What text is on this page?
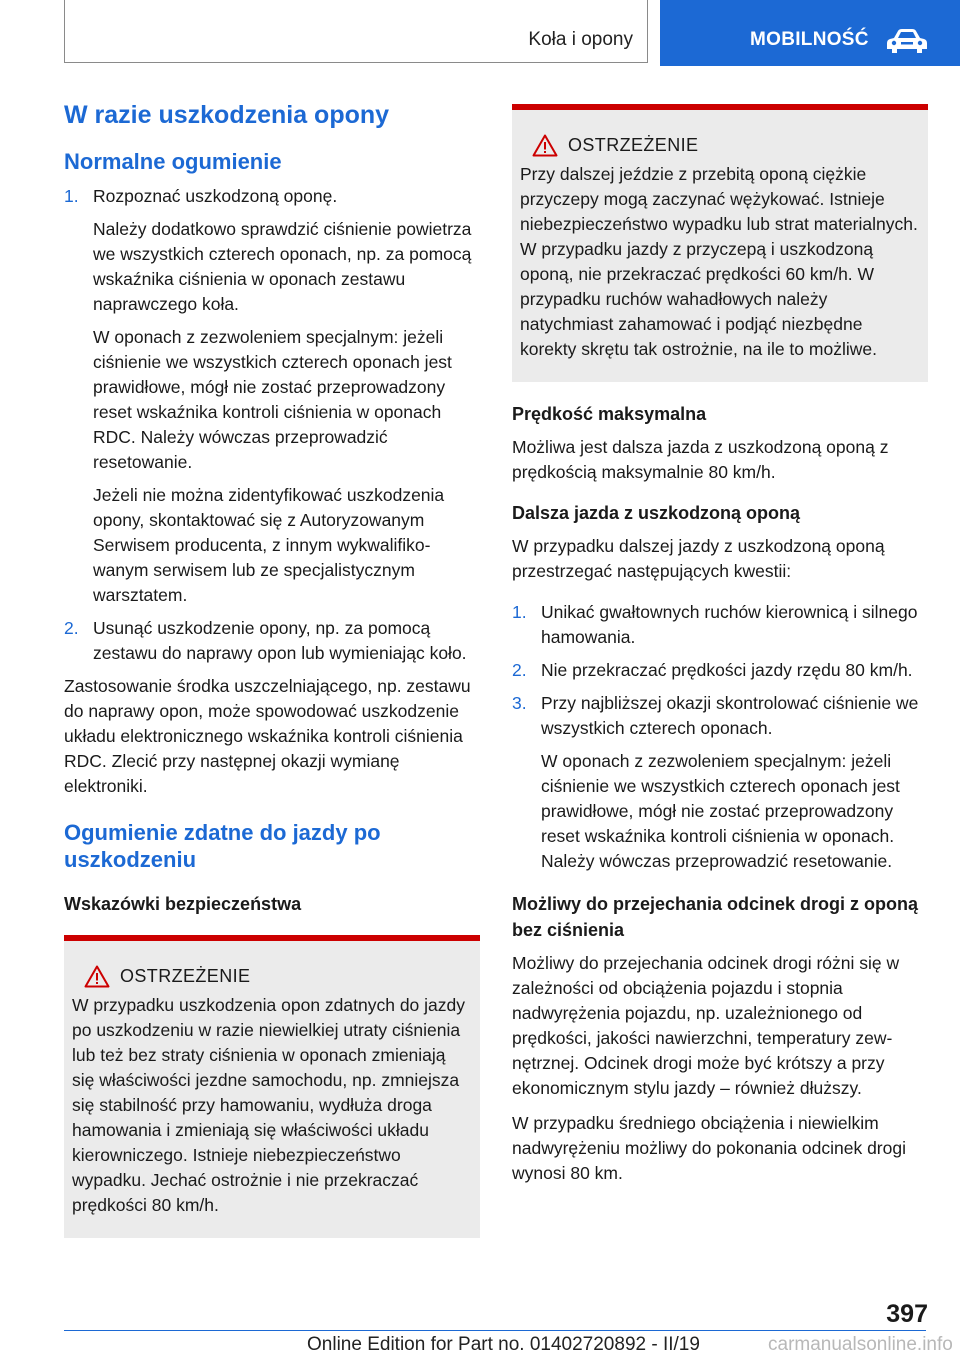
Koła i opony	MOBILNOŚĆ
W razie uszkodzenia opony
Normalne ogumienie
1. Rozpoznać uszkodzoną oponę.

Należy dodatkowo sprawdzić ciśnienie powietrza we wszystkich czterech oponach, np. za pomocą wskaźnika ciśnienia w oponach zestawu naprawczego koła.

W oponach z zezwoleniem specjalnym: jeżeli ciśnienie we wszystkich czterech oponach jest prawidłowe, mógł nie zostać przeprowadzony reset wskaźnika kontroli ciśnienia w oponach RDC. Należy wówczas przeprowadzić resetowanie.

Jeżeli nie można zidentyfikować uszkodzenia opony, skontaktować się z Autoryzowanym Serwisem producenta, z innym wykwalifikowanym serwisem lub ze specjalistycznym warsztatem.

2. Usunąć uszkodzenie opony, np. za pomocą zestawu do naprawy opon lub wymieniając koło.

Zastosowanie środka uszczelniającego, np. zestawu do naprawy opon, może spowodować uszkodzenie układu elektronicznego wskaźnika kontroli ciśnienia RDC. Zlecić przy następnej okazji wymianę elektroniki.

Ogumienie zdatne do jazdy po uszkodzeniu
Wskazówki bezpieczeństwa
OSTRZEŻENIE

W przypadku uszkodzenia opon zdatnych do jazdy po uszkodzeniu w razie niewielkiej utraty ciśnienia lub też bez straty ciśnienia w oponach zmieniają się właściwości jezdne samochodu, np. zmniejsza się stabilność przy hamowaniu, wydłuża droga hamowania i zmieniają się właściwości układu kierowniczego. Istnieje niebezpieczeństwo wypadku. Jechać ostrożnie i nie przekraczać prędkości 80 km/h.

OSTRZEŻENIE

Przy dalszej jeździe z przebitą oponą ciężkie przyczepy mogą zaczynać wężykować. Istnieje niebezpieczeństwo wypadku lub strat materialnych. W przypadku jazdy z przyczepą i uszkodzoną oponą, nie przekraczać prędkości 60 km/h. W przypadku ruchów wahadłowych należy natychmiast zahamować i podjąć niezbędne korekty skrętu tak ostrożnie, na ile to możliwe.

Prędkość maksymalna

Możliwa jest dalsza jazda z uszkodzoną oponą z prędkością maksymalnie 80 km/h.

Dalsza jazda z uszkodzoną oponą

W przypadku dalszej jazdy z uszkodzoną oponą przestrzegać następujących kwestii:

1. Unikać gwałtownych ruchów kierownicą i silnego hamowania.

2. Nie przekraczać prędkości jazdy rzędu 80 km/h.

3. Przy najbliższej okazji skontrolować ciśnienie we wszystkich czterech oponach.

W oponach z zezwoleniem specjalnym: jeżeli ciśnienie we wszystkich czterech oponach jest prawidłowe, mógł nie zostać przeprowadzony reset wskaźnika kontroli ciśnienia w oponach. Należy wówczas przeprowadzić resetowanie.

Możliwy do przejechania odcinek drogi z oponą bez ciśnienia

Możliwy do przejechania odcinek drogi różni się w zależności od obciążenia pojazdu i stopnia nadwyrężenia pojazdu, np. uzależnionego od prędkości, jakości nawierzchni, temperatury zewnętrznej. Odcinek drogi może być krótszy a przy ekonomicznym stylu jazdy – również dłuższy.

W przypadku średniego obciążenia i niewielkim nadwyrężeniu możliwy do pokonania odcinek drogi wynosi 80 km.

397
Online Edition for Part no. 01402720892 - II/19	carmanualsonline.info
